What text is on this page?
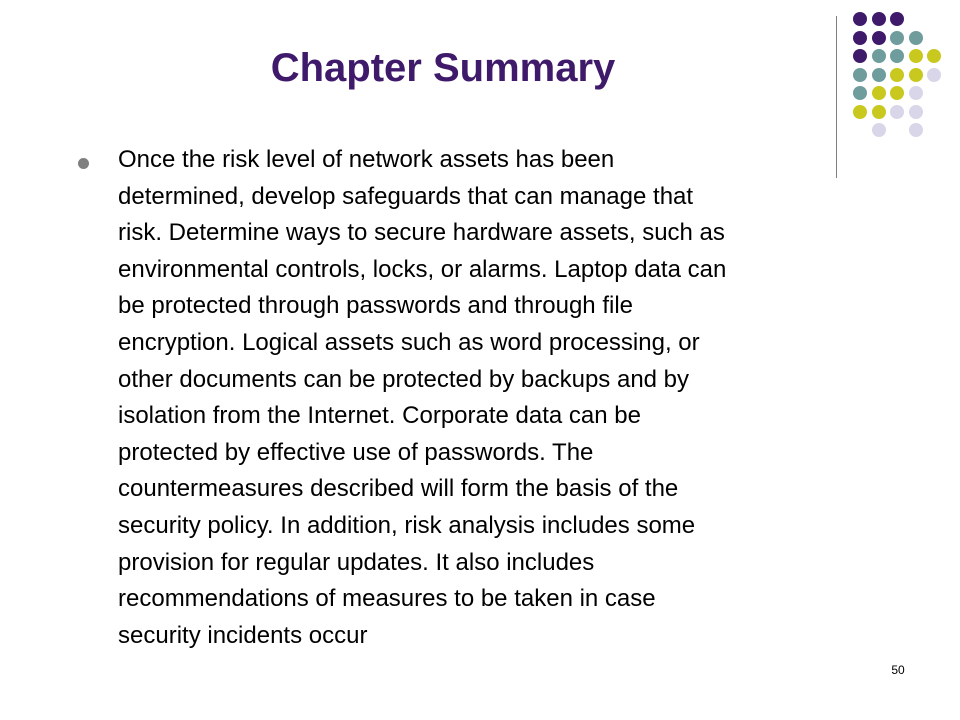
Chapter Summary

Once the risk level of network assets has been
determined, develop safeguards that can manage that
risk. Determine ways to secure hardware assets, such as
environmental controls, locks, or alarms. Laptop data can
be protected through passwords and through file
encryption. Logical assets such as word processing, or
other documents can be protected by backups and by
isolation from the Internet. Corporate data can be
protected by effective use of passwords. The
countermeasures described will form the basis of the
security policy. In addition, risk analysis includes some
provision for regular updates. It also includes
recommendations of measures to be taken in case
security incidents occur

50
